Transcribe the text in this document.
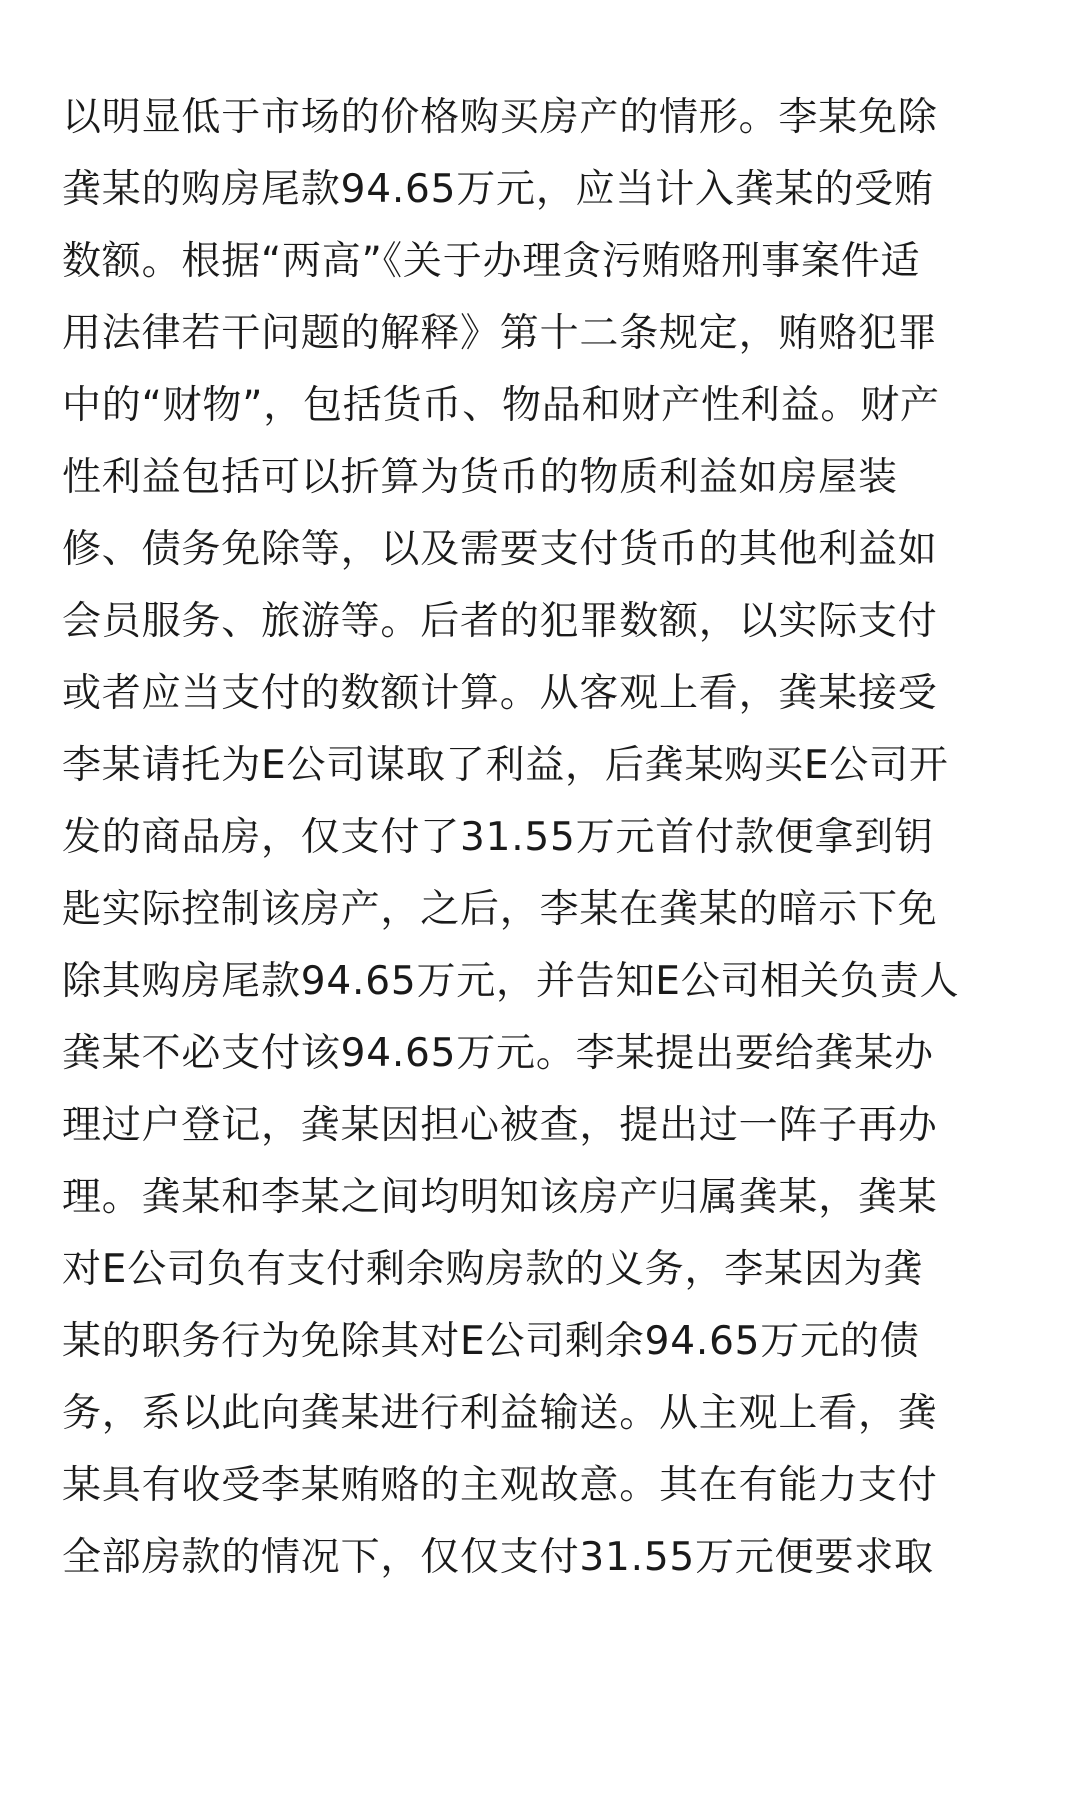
以明显低于市场的价格购买房产的情形。李某免除
龚某的购房尾款94.65万元，应当计入龚某的受贿
数额。根据“两高”《关于办理贪污贿赂刑事案件适
用法律若干问题的解释》第十二条规定，贿赂犯罪
中的“财物”，包括货币、物品和财产性利益。财产
性利益包括可以折算为货币的物质利益如房屋装
修、债务免除等，以及需要支付货币的其他利益如
会员服务、旅游等。后者的犯罪数额，以实际支付
或者应当支付的数额计算。从客观上看，龚某接受
李某请托为E公司谋取了利益，后龚某购买E公司开
发的商品房，仅支付了31.55万元首付款便拿到钥
匙实际控制该房产，之后，李某在龚某的暗示下免
除其购房尾款94.65万元，并告知E公司相关负责人
龚某不必支付该94.65万元。李某提出要给龚某办
理过户登记，龚某因担心被查，提出过一阵子再办
理。龚某和李某之间均明知该房产归属龚某，龚某
对E公司负有支付剩余购房款的义务，李某因为龚
某的职务行为免除其对E公司剩余94.65万元的债
务，系以此向龚某进行利益输送。从主观上看，龚
某具有收受李某贿赂的主观故意。其在有能力支付
全部房款的情况下，仅仅支付31.55万元便要求取
